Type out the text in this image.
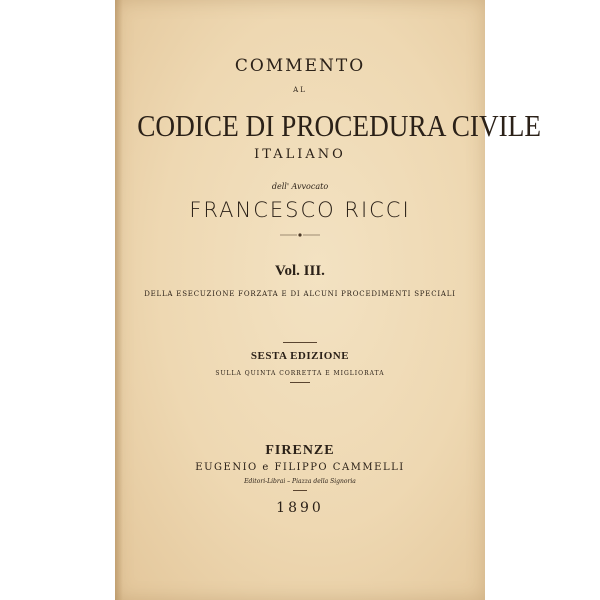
COMMENTO
AL
CODICE DI PROCEDURA CIVILE
ITALIANO
dell' Avvocato
FRANCESCO RICCI
Vol. III.
DELLA ESECUZIONE FORZATA E DI ALCUNI PROCEDIMENTI SPECIALI
SESTA EDIZIONE
SULLA QUINTA CORRETTA E MIGLIORATA
FIRENZE
EUGENIO e FILIPPO CAMMELLI
Editori-Librai – Piazza della Signoria
1890
